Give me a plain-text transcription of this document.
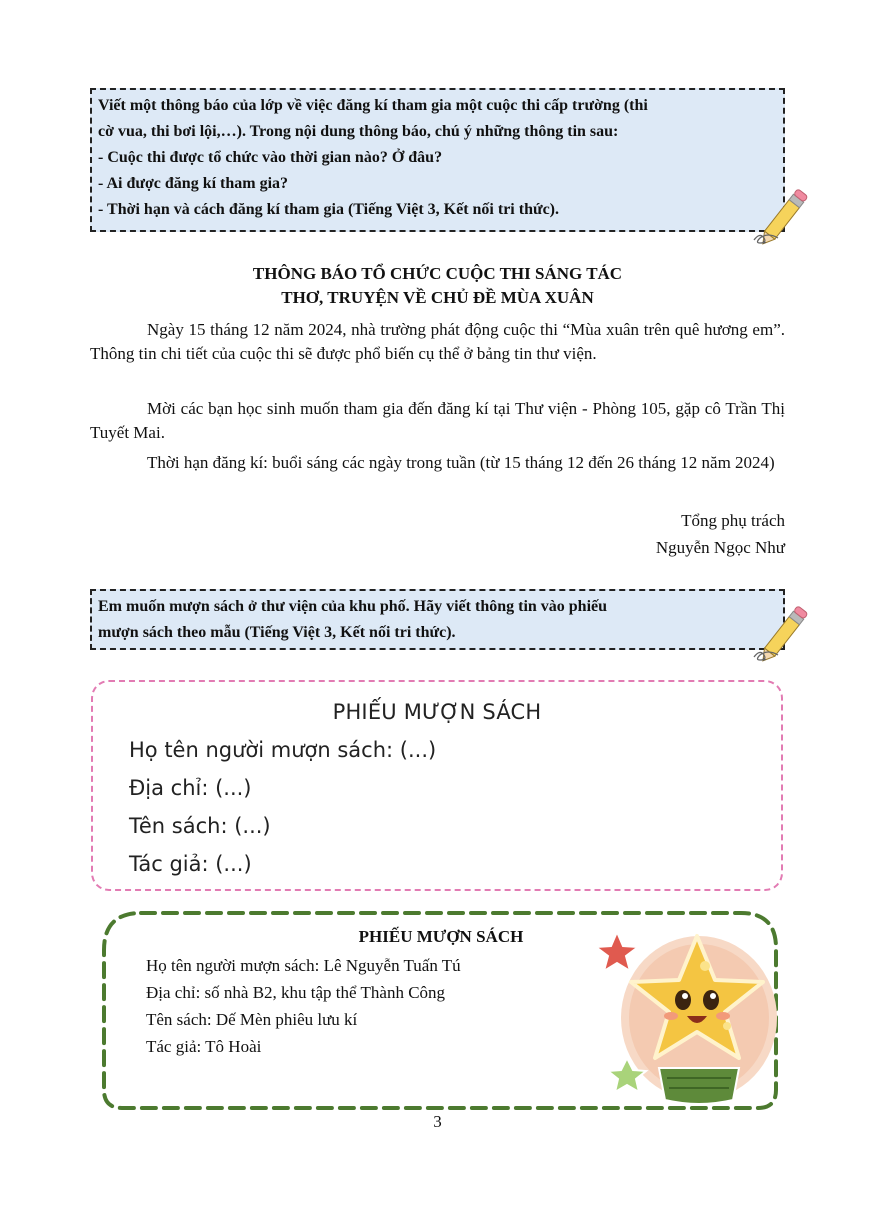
Viết một thông báo của lớp về việc đăng kí tham gia một cuộc thi cấp trường (thi
cờ vua, thi bơi lội,…). Trong nội dung thông báo, chú ý những thông tin sau:
- Cuộc thi được tổ chức vào thời gian nào? Ở đâu?
- Ai được đăng kí tham gia?
- Thời hạn và cách đăng kí tham gia (Tiếng Việt 3, Kết nối tri thức).
THÔNG BÁO TỔ CHỨC CUỘC THI SÁNG TÁC
THƠ, TRUYỆN VỀ CHỦ ĐỀ MÙA XUÂN
Ngày 15 tháng 12 năm 2024, nhà trường phát động cuộc thi “Mùa xuân trên quê hương em”. Thông tin chi tiết của cuộc thi sẽ được phổ biến cụ thể ở bảng tin thư viện.
Mời các bạn học sinh muốn tham gia đến đăng kí tại Thư viện - Phòng 105, gặp cô Trần Thị Tuyết Mai.
Thời hạn đăng kí: buổi sáng các ngày trong tuần (từ 15 tháng 12 đến 26 tháng 12 năm 2024)
Tổng phụ trách
Nguyễn Ngọc Như
Em muốn mượn sách ở thư viện của khu phố. Hãy viết thông tin vào phiếu
mượn sách theo mẫu (Tiếng Việt 3, Kết nối tri thức).
PHIẾU MƯỢN SÁCH
Họ tên người mượn sách: (...)
Địa chỉ: (...)
Tên sách: (...)
Tác giả: (...)
PHIẾU MƯỢN SÁCH
Họ tên người mượn sách: Lê Nguyễn Tuấn Tú
Địa chỉ: số nhà B2, khu tập thể Thành Công
Tên sách: Dế Mèn phiêu lưu kí
Tác giả: Tô Hoài
3
